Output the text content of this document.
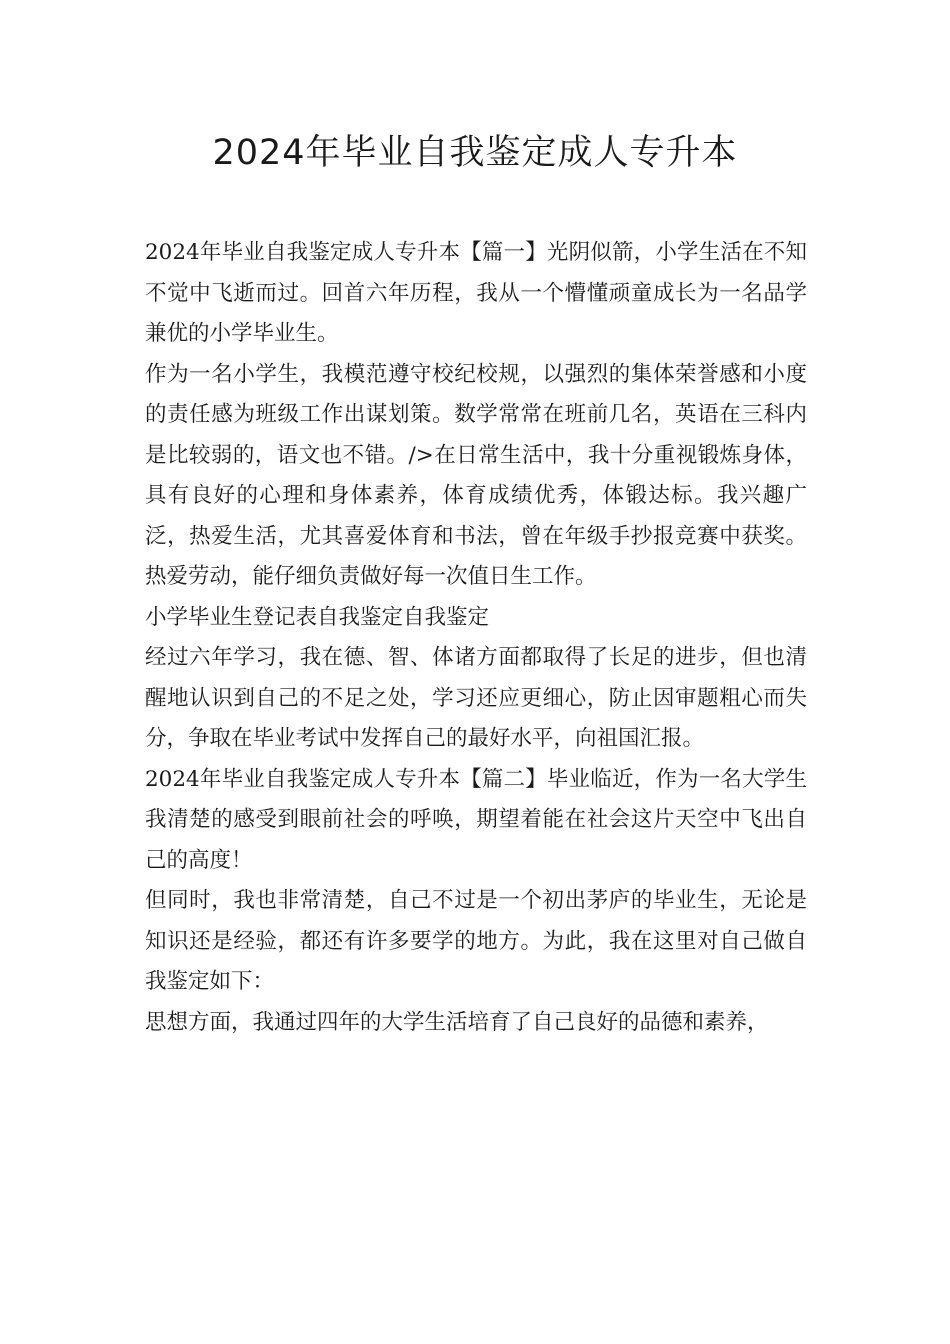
2024年毕业自我鉴定成人专升本

2024年毕业自我鉴定成人专升本【篇一】光阴似箭，小学生活在不知不觉中飞逝而过。回首六年历程，我从一个懵懂顽童成长为一名品学兼优的小学毕业生。

作为一名小学生，我模范遵守校纪校规，以强烈的集体荣誉感和小度的责任感为班级工作出谋划策。数学常常在班前几名，英语在三科内是比较弱的，语文也不错。/>在日常生活中，我十分重视锻炼身体，具有良好的心理和身体素养，体育成绩优秀，体锻达标。我兴趣广泛，热爱生活，尤其喜爱体育和书法，曾在年级手抄报竞赛中获奖。热爱劳动，能仔细负责做好每一次值日生工作。

小学毕业生登记表自我鉴定自我鉴定

经过六年学习，我在德、智、体诸方面都取得了长足的进步，但也清醒地认识到自己的不足之处，学习还应更细心，防止因审题粗心而失分，争取在毕业考试中发挥自己的最好水平，向祖国汇报。

2024年毕业自我鉴定成人专升本【篇二】毕业临近，作为一名大学生我清楚的感受到眼前社会的呼唤，期望着能在社会这片天空中飞出自己的高度！

但同时，我也非常清楚，自己不过是一个初出茅庐的毕业生，无论是知识还是经验，都还有许多要学的地方。为此，我在这里对自己做自我鉴定如下：

思想方面，我通过四年的大学生活培育了自己良好的品德和素养，
